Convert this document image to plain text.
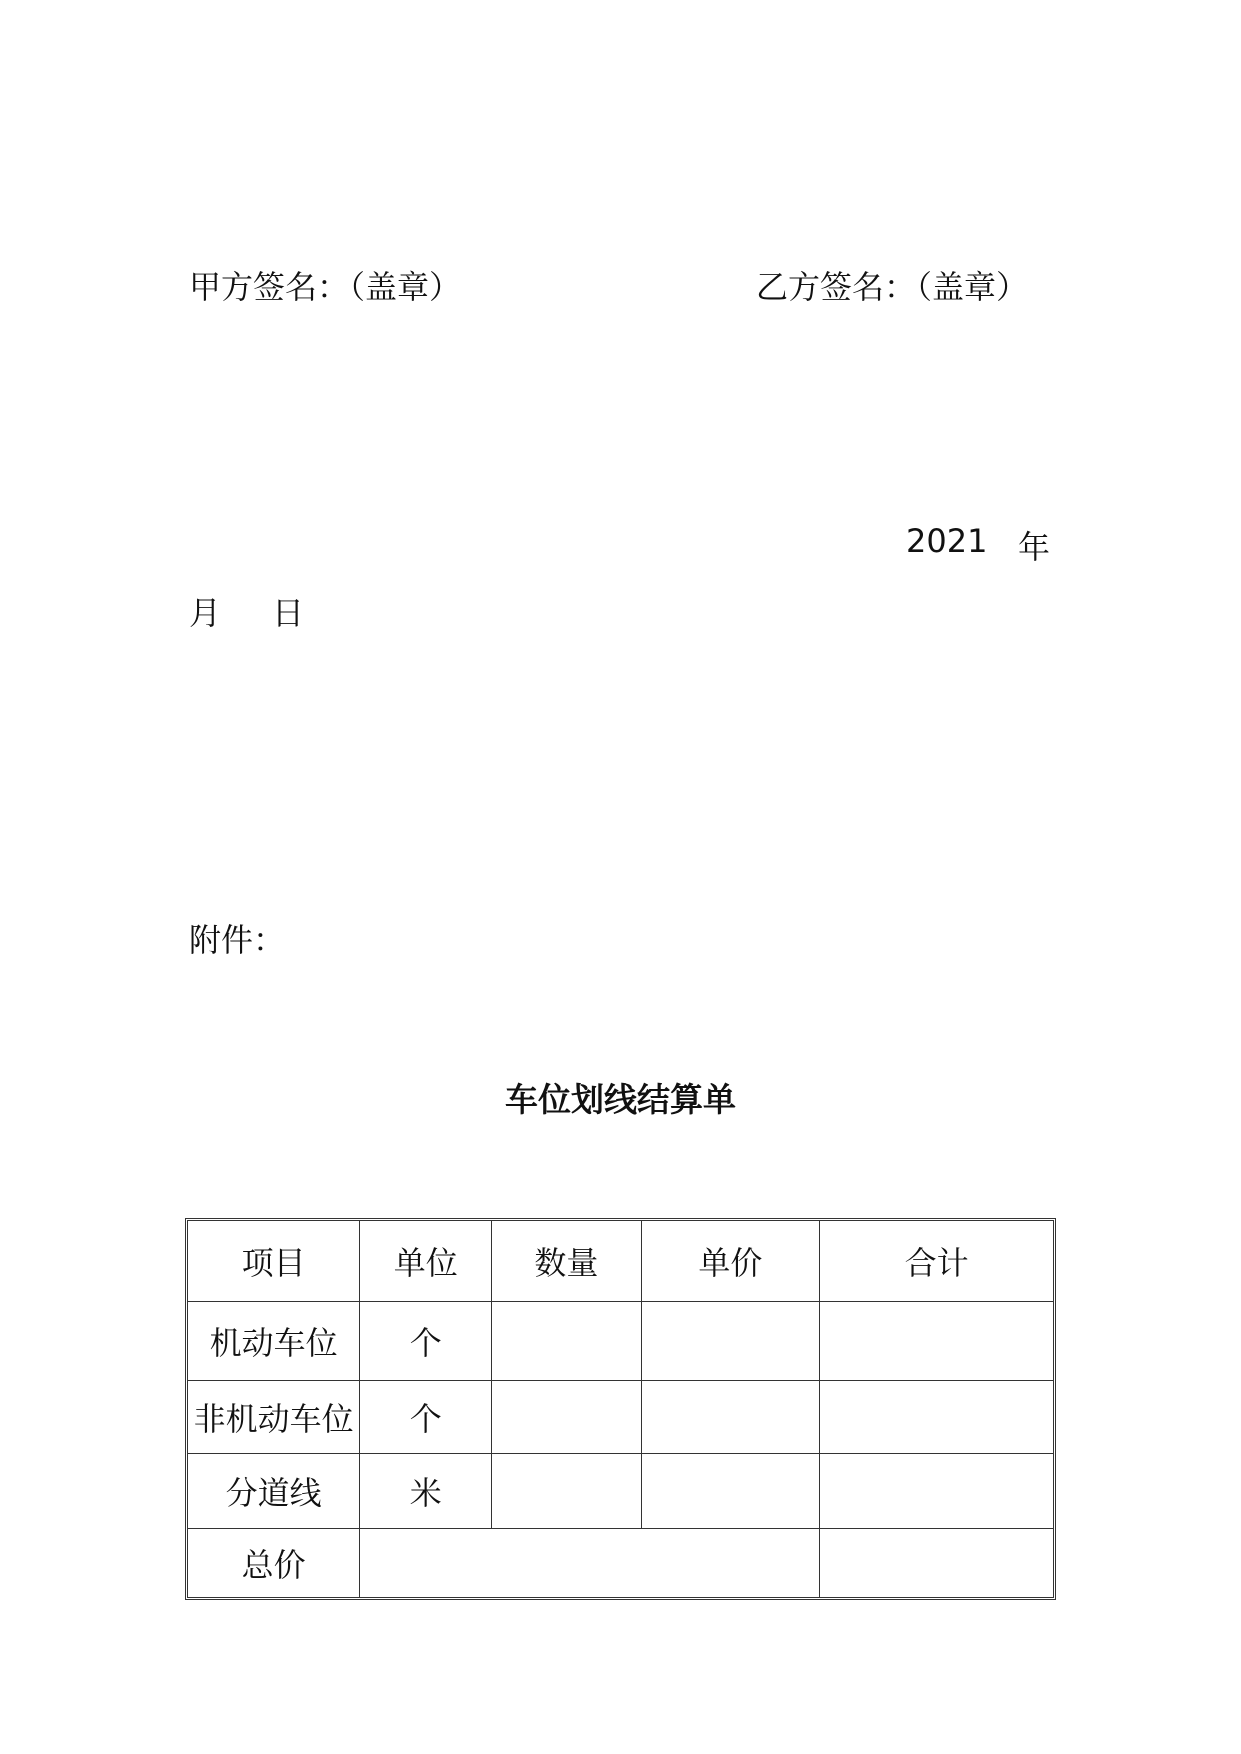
甲方签名：（盖章）	乙方签名：（盖章）
2021 年
月 日
附件：
车位划线结算单
项目	单位	数量	单价	合计
机动车位	个			
非机动车位	个			
分道线	米			
总价				
